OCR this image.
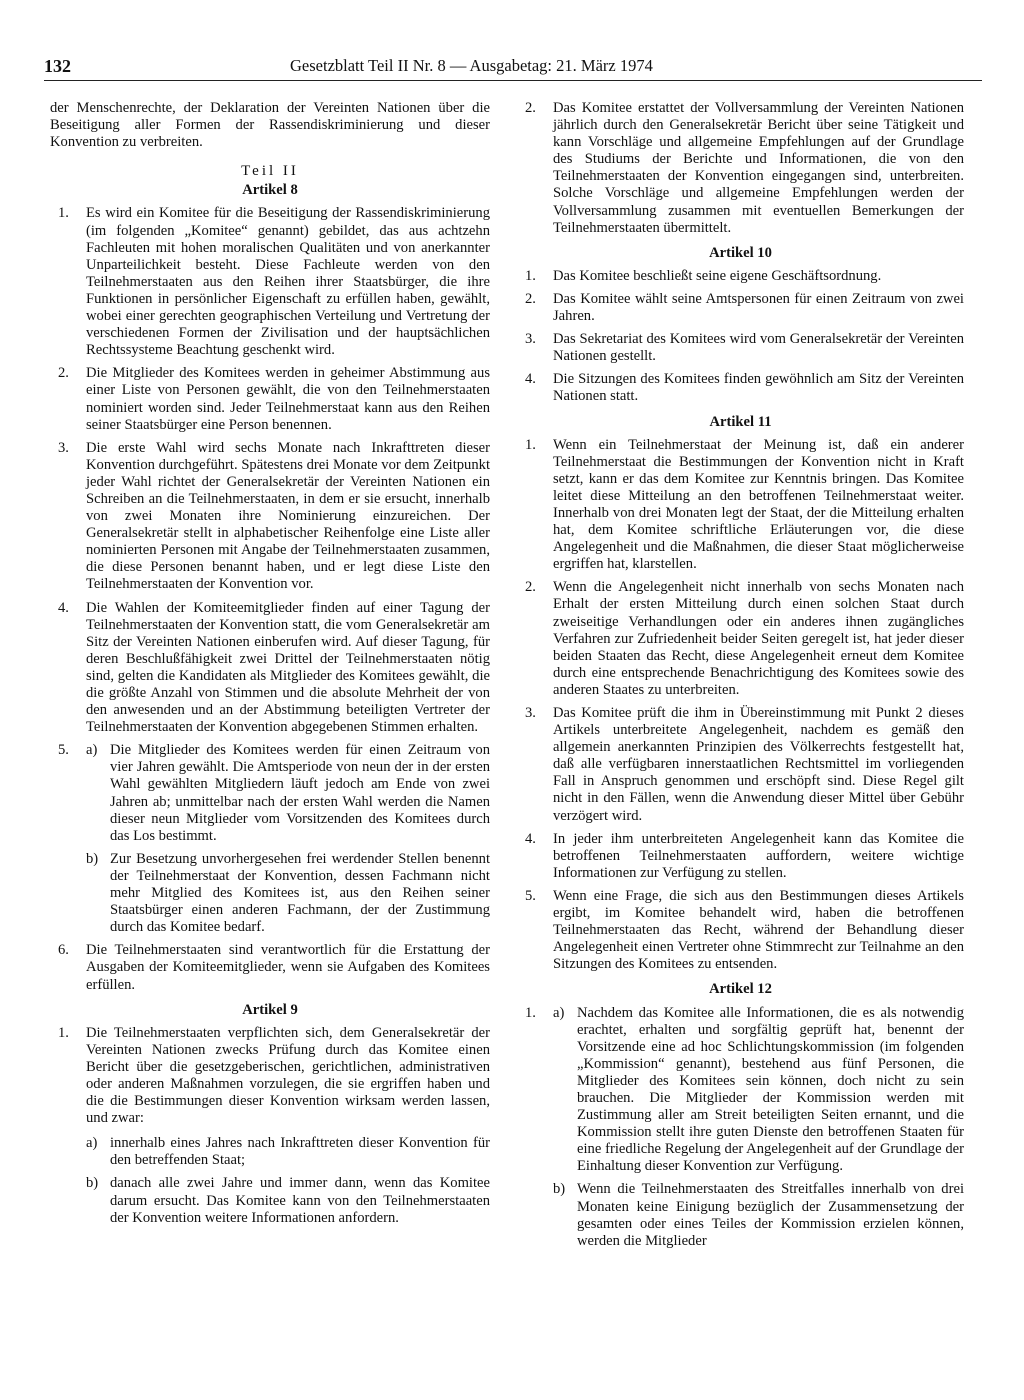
132	Gesetzblatt Teil II Nr. 8 — Ausgabetag: 21. März 1974

der Menschenrechte, der Deklaration der Vereinten Nationen über die Beseitigung aller Formen der Rassendiskriminierung und dieser Konvention zu verbreiten.

Teil II
Artikel 8
1. Es wird ein Komitee für die Beseitigung der Rassendiskriminierung (im folgenden „Komitee“ genannt) gebildet, das aus achtzehn Fachleuten mit hohen moralischen Qualitäten und von anerkannter Unparteilichkeit besteht. Diese Fachleute werden von den Teilnehmerstaaten aus den Reihen ihrer Staatsbürger, die ihre Funktionen in persönlicher Eigenschaft zu erfüllen haben, gewählt, wobei einer gerechten geographischen Verteilung und Vertretung der verschiedenen Formen der Zivilisation und der hauptsächlichen Rechtssysteme Beachtung geschenkt wird.
2. Die Mitglieder des Komitees werden in geheimer Abstimmung aus einer Liste von Personen gewählt, die von den Teilnehmerstaaten nominiert worden sind. Jeder Teilnehmerstaat kann aus den Reihen seiner Staatsbürger eine Person benennen.
3. Die erste Wahl wird sechs Monate nach Inkrafttreten dieser Konvention durchgeführt. Spätestens drei Monate vor dem Zeitpunkt jeder Wahl richtet der Generalsekretär der Vereinten Nationen ein Schreiben an die Teilnehmerstaaten, in dem er sie ersucht, innerhalb von zwei Monaten ihre Nominierung einzureichen. Der Generalsekretär stellt in alphabetischer Reihenfolge eine Liste aller nominierten Personen mit Angabe der Teilnehmerstaaten zusammen, die diese Personen benannt haben, und er legt diese Liste den Teilnehmerstaaten der Konvention vor.
4. Die Wahlen der Komiteemitglieder finden auf einer Tagung der Teilnehmerstaaten der Konvention statt, die vom Generalsekretär am Sitz der Vereinten Nationen einberufen wird. Auf dieser Tagung, für deren Beschlußfähigkeit zwei Drittel der Teilnehmerstaaten nötig sind, gelten die Kandidaten als Mitglieder des Komitees gewählt, die die größte Anzahl von Stimmen und die absolute Mehrheit der von den anwesenden und an der Abstimmung beteiligten Vertreter der Teilnehmerstaaten der Konvention abgegebenen Stimmen erhalten.
5. a) Die Mitglieder des Komitees werden für einen Zeitraum von vier Jahren gewählt. Die Amtsperiode von neun der in der ersten Wahl gewählten Mitgliedern läuft jedoch am Ende von zwei Jahren ab; unmittelbar nach der ersten Wahl werden die Namen dieser neun Mitglieder vom Vorsitzenden des Komitees durch das Los bestimmt.
b) Zur Besetzung unvorhergesehen frei werdender Stellen benennt der Teilnehmerstaat der Konvention, dessen Fachmann nicht mehr Mitglied des Komitees ist, aus den Reihen seiner Staatsbürger einen anderen Fachmann, der der Zustimmung durch das Komitee bedarf.
6. Die Teilnehmerstaaten sind verantwortlich für die Erstattung der Ausgaben der Komiteemitglieder, wenn sie Aufgaben des Komitees erfüllen.
Artikel 9
1. Die Teilnehmerstaaten verpflichten sich, dem Generalsekretär der Vereinten Nationen zwecks Prüfung durch das Komitee einen Bericht über die gesetzgeberischen, gerichtlichen, administrativen oder anderen Maßnahmen vorzulegen, die sie ergriffen haben und die die Bestimmungen dieser Konvention wirksam werden lassen, und zwar:
a) innerhalb eines Jahres nach Inkrafttreten dieser Konvention für den betreffenden Staat;
b) danach alle zwei Jahre und immer dann, wenn das Komitee darum ersucht. Das Komitee kann von den Teilnehmerstaaten der Konvention weitere Informationen anfordern.
2. Das Komitee erstattet der Vollversammlung der Vereinten Nationen jährlich durch den Generalsekretär Bericht über seine Tätigkeit und kann Vorschläge und allgemeine Empfehlungen auf der Grundlage des Studiums der Berichte und Informationen, die von den Teilnehmerstaaten der Konvention eingegangen sind, unterbreiten. Solche Vorschläge und allgemeine Empfehlungen werden der Vollversammlung zusammen mit eventuellen Bemerkungen der Teilnehmerstaaten übermittelt.
Artikel 10
1. Das Komitee beschließt seine eigene Geschäftsordnung.
2. Das Komitee wählt seine Amtspersonen für einen Zeitraum von zwei Jahren.
3. Das Sekretariat des Komitees wird vom Generalsekretär der Vereinten Nationen gestellt.
4. Die Sitzungen des Komitees finden gewöhnlich am Sitz der Vereinten Nationen statt.
Artikel 11
1. Wenn ein Teilnehmerstaat der Meinung ist, daß ein anderer Teilnehmerstaat die Bestimmungen der Konvention nicht in Kraft setzt, kann er das dem Komitee zur Kenntnis bringen. Das Komitee leitet diese Mitteilung an den betroffenen Teilnehmerstaat weiter. Innerhalb von drei Monaten legt der Staat, der die Mitteilung erhalten hat, dem Komitee schriftliche Erläuterungen vor, die diese Angelegenheit und die Maßnahmen, die dieser Staat möglicherweise ergriffen hat, klarstellen.
2. Wenn die Angelegenheit nicht innerhalb von sechs Monaten nach Erhalt der ersten Mitteilung durch einen solchen Staat durch zweiseitige Verhandlungen oder ein anderes ihnen zugängliches Verfahren zur Zufriedenheit beider Seiten geregelt ist, hat jeder dieser beiden Staaten das Recht, diese Angelegenheit erneut dem Komitee durch eine entsprechende Benachrichtigung des Komitees sowie des anderen Staates zu unterbreiten.
3. Das Komitee prüft die ihm in Übereinstimmung mit Punkt 2 dieses Artikels unterbreitete Angelegenheit, nachdem es gemäß den allgemein anerkannten Prinzipien des Völkerrechts festgestellt hat, daß alle verfügbaren innerstaatlichen Rechtsmittel im vorliegenden Fall in Anspruch genommen und erschöpft sind. Diese Regel gilt nicht in den Fällen, wenn die Anwendung dieser Mittel über Gebühr verzögert wird.
4. In jeder ihm unterbreiteten Angelegenheit kann das Komitee die betroffenen Teilnehmerstaaten auffordern, weitere wichtige Informationen zur Verfügung zu stellen.
5. Wenn eine Frage, die sich aus den Bestimmungen dieses Artikels ergibt, im Komitee behandelt wird, haben die betroffenen Teilnehmerstaaten das Recht, während der Behandlung dieser Angelegenheit einen Vertreter ohne Stimmrecht zur Teilnahme an den Sitzungen des Komitees zu entsenden.
Artikel 12
1. a) Nachdem das Komitee alle Informationen, die es als notwendig erachtet, erhalten und sorgfältig geprüft hat, benennt der Vorsitzende eine ad hoc Schlichtungskommission (im folgenden „Kommission“ genannt), bestehend aus fünf Personen, die Mitglieder des Komitees sein können, doch nicht zu sein brauchen. Die Mitglieder der Kommission werden mit Zustimmung aller am Streit beteiligten Seiten ernannt, und die Kommission stellt ihre guten Dienste den betroffenen Staaten für eine friedliche Regelung der Angelegenheit auf der Grundlage der Einhaltung dieser Konvention zur Verfügung.
b) Wenn die Teilnehmerstaaten des Streitfalles innerhalb von drei Monaten keine Einigung bezüglich der Zusammensetzung der gesamten oder eines Teiles der Kommission erzielen können, werden die Mitglieder
